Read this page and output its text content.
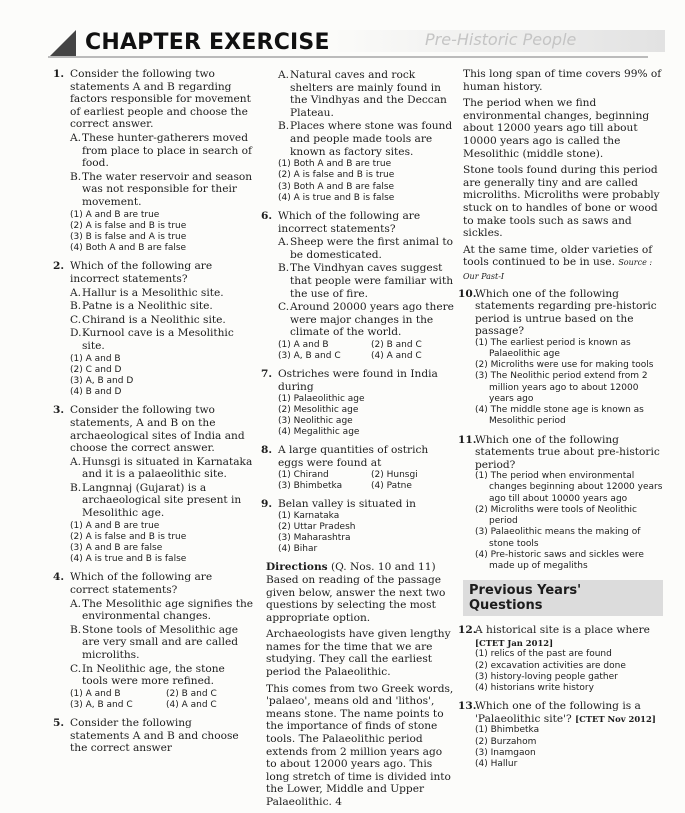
Pre-Historic People
CHAPTER EXERCISE
1. Consider the following two statements A and B regarding factors responsible for movement of earliest people and choose the correct answer.
A. These hunter-gatherers moved from place to place in search of food.
B. The water reservoir and season was not responsible for their movement.
(1) A and B are true
(2) A is false and B is true
(3) B is false and A is true
(4) Both A and B are false
2. Which of the following are incorrect statements?
A. Hallur is a Mesolithic site.
B. Patne is a Neolithic site.
C. Chirand is a Neolithic site.
D. Kurnool cave is a Mesolithic site.
(1) A and B
(2) C and D
(3) A, B and D
(4) B and D
3. Consider the following two statements, A and B on the archaeological sites of India and choose the correct answer.
A. Hunsgi is situated in Karnataka and it is a palaeolithic site.
B. Langnnaj (Gujarat) is a archaeological site present in Mesolithic age.
(1) A and B are true
(2) A is false and B is true
(3) A and B are false
(4) A is true and B is false
4. Which of the following are correct statements?
A. The Mesolithic age signifies the environmental changes.
B. Stone tools of Mesolithic age are very small and are called microliths.
C. In Neolithic age, the stone tools were more refined.
(1) A and B	(2) B and C
(3) A, B and C	(4) A and C
5. Consider the following statements A and B and choose the correct answer
A. Natural caves and rock shelters are mainly found in the Vindhyas and the Deccan Plateau.
B. Places where stone was found and people made tools are known as factory sites.
(1) Both A and B are true
(2) A is false and B is true
(3) Both A and B are false
(4) A is true and B is false
6. Which of the following are incorrect statements?
A. Sheep were the first animal to be domesticated.
B. The Vindhyan caves suggest that people were familiar with the use of fire.
C. Around 20000 years ago there were major changes in the climate of the world.
(1) A and B	(2) B and C
(3) A, B and C	(4) A and C
7. Ostriches were found in India during
(1) Palaeolithic age
(2) Mesolithic age
(3) Neolithic age
(4) Megalithic age
8. A large quantities of ostrich eggs were found at
(1) Chirand	(2) Hunsgi
(3) Bhimbetka	(4) Patne
9. Belan valley is situated in
(1) Karnataka
(2) Uttar Pradesh
(3) Maharashtra
(4) Bihar

Directions (Q. Nos. 10 and 11) Based on reading of the passage given below, answer the next two questions by selecting the most appropriate option.

Archaeologists have given lengthy names for the time that we are studying. They call the earliest period the Palaeolithic.

This comes from two Greek words, 'palaeo', means old and 'lithos', means stone. The name points to the importance of finds of stone tools. The Palaeolithic period extends from 2 million years ago to about 12000 years ago. This long stretch of time is divided into the Lower, Middle and Upper Palaeolithic. 4

This long span of time covers 99% of human history.

The period when we find environmental changes, beginning about 12000 years ago till about 10000 years ago is called the Mesolithic (middle stone).

Stone tools found during this period are generally tiny and are called microliths. Microliths were probably stuck on to handles of bone or wood to make tools such as saws and sickles.

At the same time, older varieties of tools continued to be in use. Source : Our Past-I

10.
Which one of the following statements regarding pre-historic period is untrue based on the passage?
(1) The earliest period is known as Palaeolithic age
(2) Microliths were use for making tools
(3) The Neolithic period extend from 2 million years ago to about 12000 years ago
(4) The middle stone age is known as Mesolithic period
11.
Which one of the following statements true about pre-historic period?
(1) The period when environmental changes beginning about 12000 years ago till about 10000 years ago
(2) Microliths were tools of Neolithic period
(3) Palaeolithic means the making of stone tools
(4) Pre-historic saws and sickles were made up of megaliths
Previous Years' Questions
12.
A historical site is a place where [CTET Jan 2012]
(1) relics of the past are found
(2) excavation activities are done
(3) history-loving people gather
(4) historians write history
13.
Which one of the following is a 'Palaeolithic site'? [CTET Nov 2012]
(1) Bhimbetka
(2) Burzahom
(3) Inamgaon
(4) Hallur
